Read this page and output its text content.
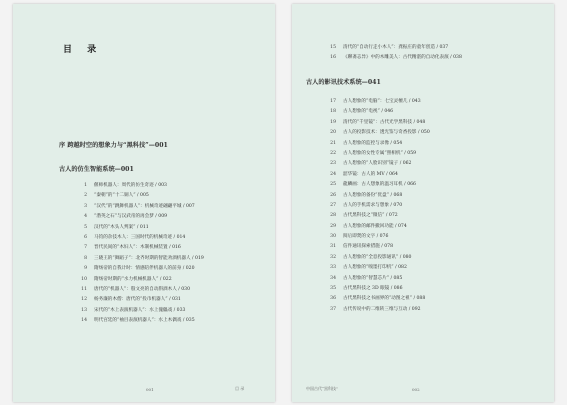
目 录
序 跨越时空的想象力与“黑科技”—001
古人的仿生智能系统—001
1	偃师机器人：周代的仿生奇迹 / 003
2	“秦朝”的“十二铜人” / 005
3	“汉代”的“跳舞机器人”：机械奇迹翩翩平城 / 007
4	“潜英之石”与汉武帝的再会梦 / 009
5	汉代的“木头人判案” / 011
6	马钧的杂技木人：三国时代的机械奇迹 / 014
7	晋代民间的“木妇人”：木制机械装置 / 016
8	三晓王的“舞蹈子”：北齐时期的智能劝酒机器人 / 019
9	隋炀帝的自我计时：情感陪伴机器人的前身 / 020
10	隋炀帝时期的“水力机械机器人” / 022
11	唐代的“机器人”：殷文亮的自动斟酒木人 / 030
12	杨务廉的木僧：唐代的“投币机器人” / 031
13	宋代的“木上表演机器人”：水上傀儡戏 / 033
14	明代宫廷的“袖目表演机器人”：水上木偶戏 / 035
001	目 录
15	清代的“自动行走小木人”：龚振庄的童年创造 / 037
16	《聊斋志异》中的木雕美人：古代精湛的自动化表演 / 038
古人的影讯技术系统—041
17	古人想象的“电脑”：七宝灵檀几 / 043
18	古人想象的“电视” / 046
19	清代的“千里镜”：古代光学黑科技 / 048
20	古人的投影技术：透光鉴与奇香投影 / 050
21	古人想象的监控与录像 / 054
22	古人想象的女性专属“照相机” / 059
23	古人想象的“人脸识别”镜子 / 062
24	韶华镜：古人的 MV / 064
25	龍鳞画：古人想象的温习耳机 / 066
26	古人想象的备份“优盘” / 068
27	古人的手机需求与想象 / 070
28	古代黑科技之“微信” / 072
29	古人想象的邮件撤回功能 / 074
30	阅后即焚的文字 / 076
31	信件通讯探索措施 / 078
32	古人想象的“全息投影通讯” / 080
33	古人想象的“嗅墨打印机” / 082
34	古人想象的“智慧芯片” / 085
35	古代黑科技之 3D 眼镜 / 086
36	古代黑科技之书画界的“动图之祖” / 088
37	古代传说中的二维转三维与互动 / 092
中国古代“黑科技”	002
